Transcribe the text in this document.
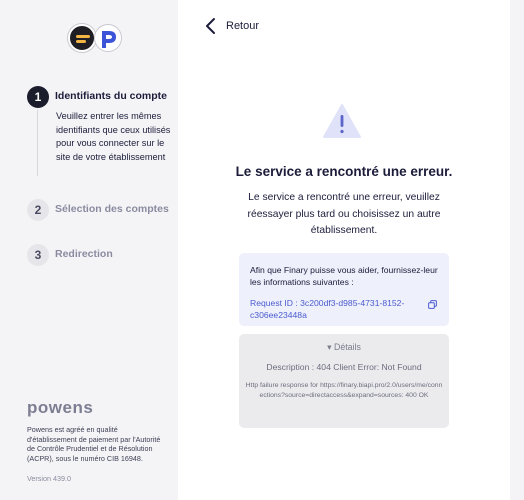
1	Identifiants du compte
Veuillez entrer les mêmes identifiants que ceux utilisés pour vous connecter sur le site de votre établissement
2	Sélection des comptes
3	Redirection
powens
Powens est agréé en qualité d'établissement de paiement par l'Autorité de Contrôle Prudentiel et de Résolution (ACPR), sous le numéro CIB 16948.
Version 439.0
Retour
Le service a rencontré une erreur.
Le service a rencontré une erreur, veuillez réessayer plus tard ou choisissez un autre établissement.
Afin que Finary puisse vous aider, fournissez-leur les informations suivantes :
Request ID : 3c200df3-d985-4731-8152-c306ee23448a
▾ Détails
Description : 404 Client Error: Not Found
Http failure response for https://finary.biapi.pro/2.0/users/me/connections?source=directaccess&expand=sources: 400 OK
